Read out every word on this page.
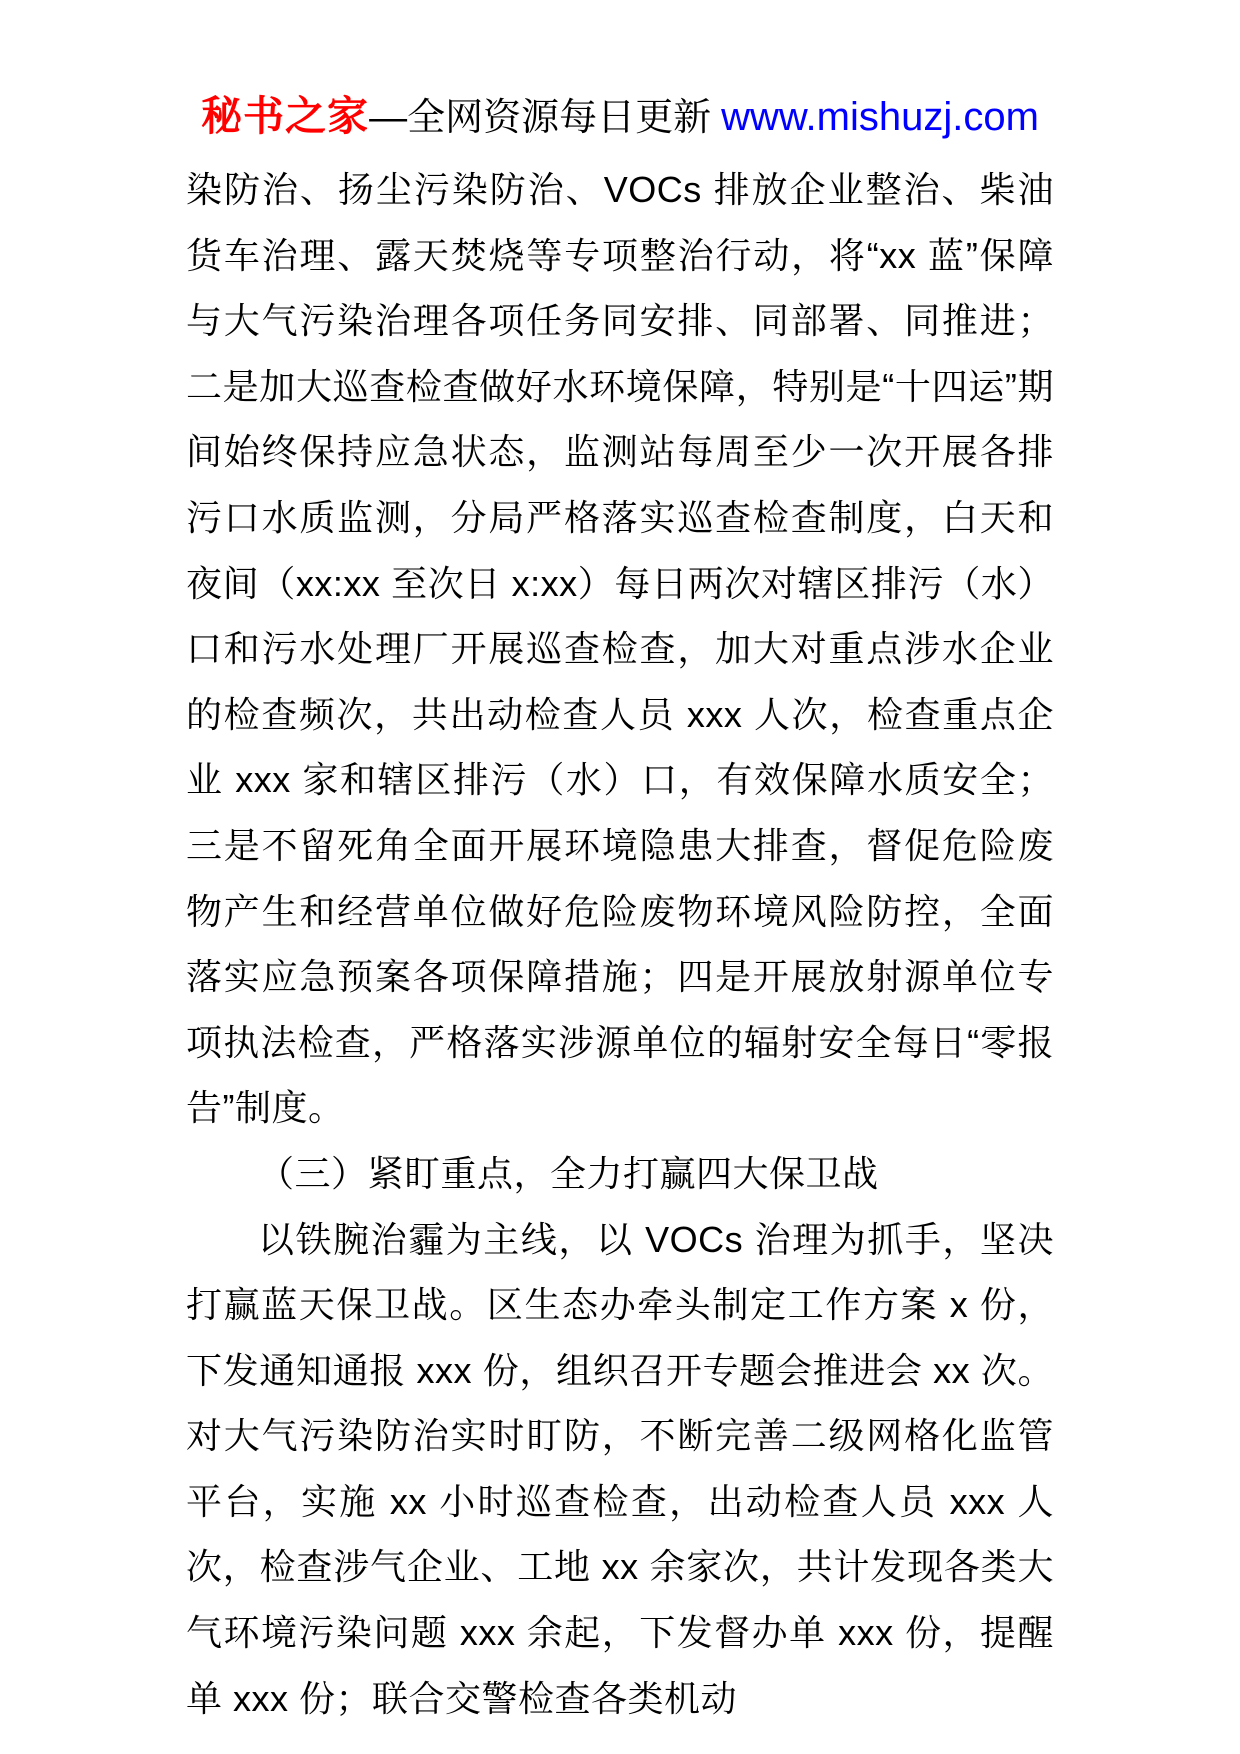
秘书之家—全网资源每日更新 www.mishuzj.com

染防治、扬尘污染防治、VOCs 排放企业整治、柴油货车治理、露天焚烧等专项整治行动，将“xx 蓝”保障与大气污染治理各项任务同安排、同部署、同推进；二是加大巡查检查做好水环境保障，特别是“十四运”期间始终保持应急状态，监测站每周至少一次开展各排污口水质监测，分局严格落实巡查检查制度，白天和夜间（xx:xx 至次日 x:xx）每日两次对辖区排污（水）口和污水处理厂开展巡查检查，加大对重点涉水企业的检查频次，共出动检查人员 xxx 人次，检查重点企业 xxx 家和辖区排污（水）口，有效保障水质安全；三是不留死角全面开展环境隐患大排查，督促危险废物产生和经营单位做好危险废物环境风险防控，全面落实应急预案各项保障措施；四是开展放射源单位专项执法检查，严格落实涉源单位的辐射安全每日“零报告”制度。

（三）紧盯重点，全力打赢四大保卫战

以铁腕治霾为主线，以 VOCs 治理为抓手，坚决打赢蓝天保卫战。区生态办牵头制定工作方案 x 份，下发通知通报 xxx 份，组织召开专题会推进会 xx 次。对大气污染防治实时盯防，不断完善二级网格化监管平台，实施 xx 小时巡查检查，出动检查人员 xxx 人次，检查涉气企业、工地 xx 余家次，共计发现各类大气环境污染问题 xxx 余起，下发督办单 xxx 份，提醒单 xxx 份；联合交警检查各类机动
